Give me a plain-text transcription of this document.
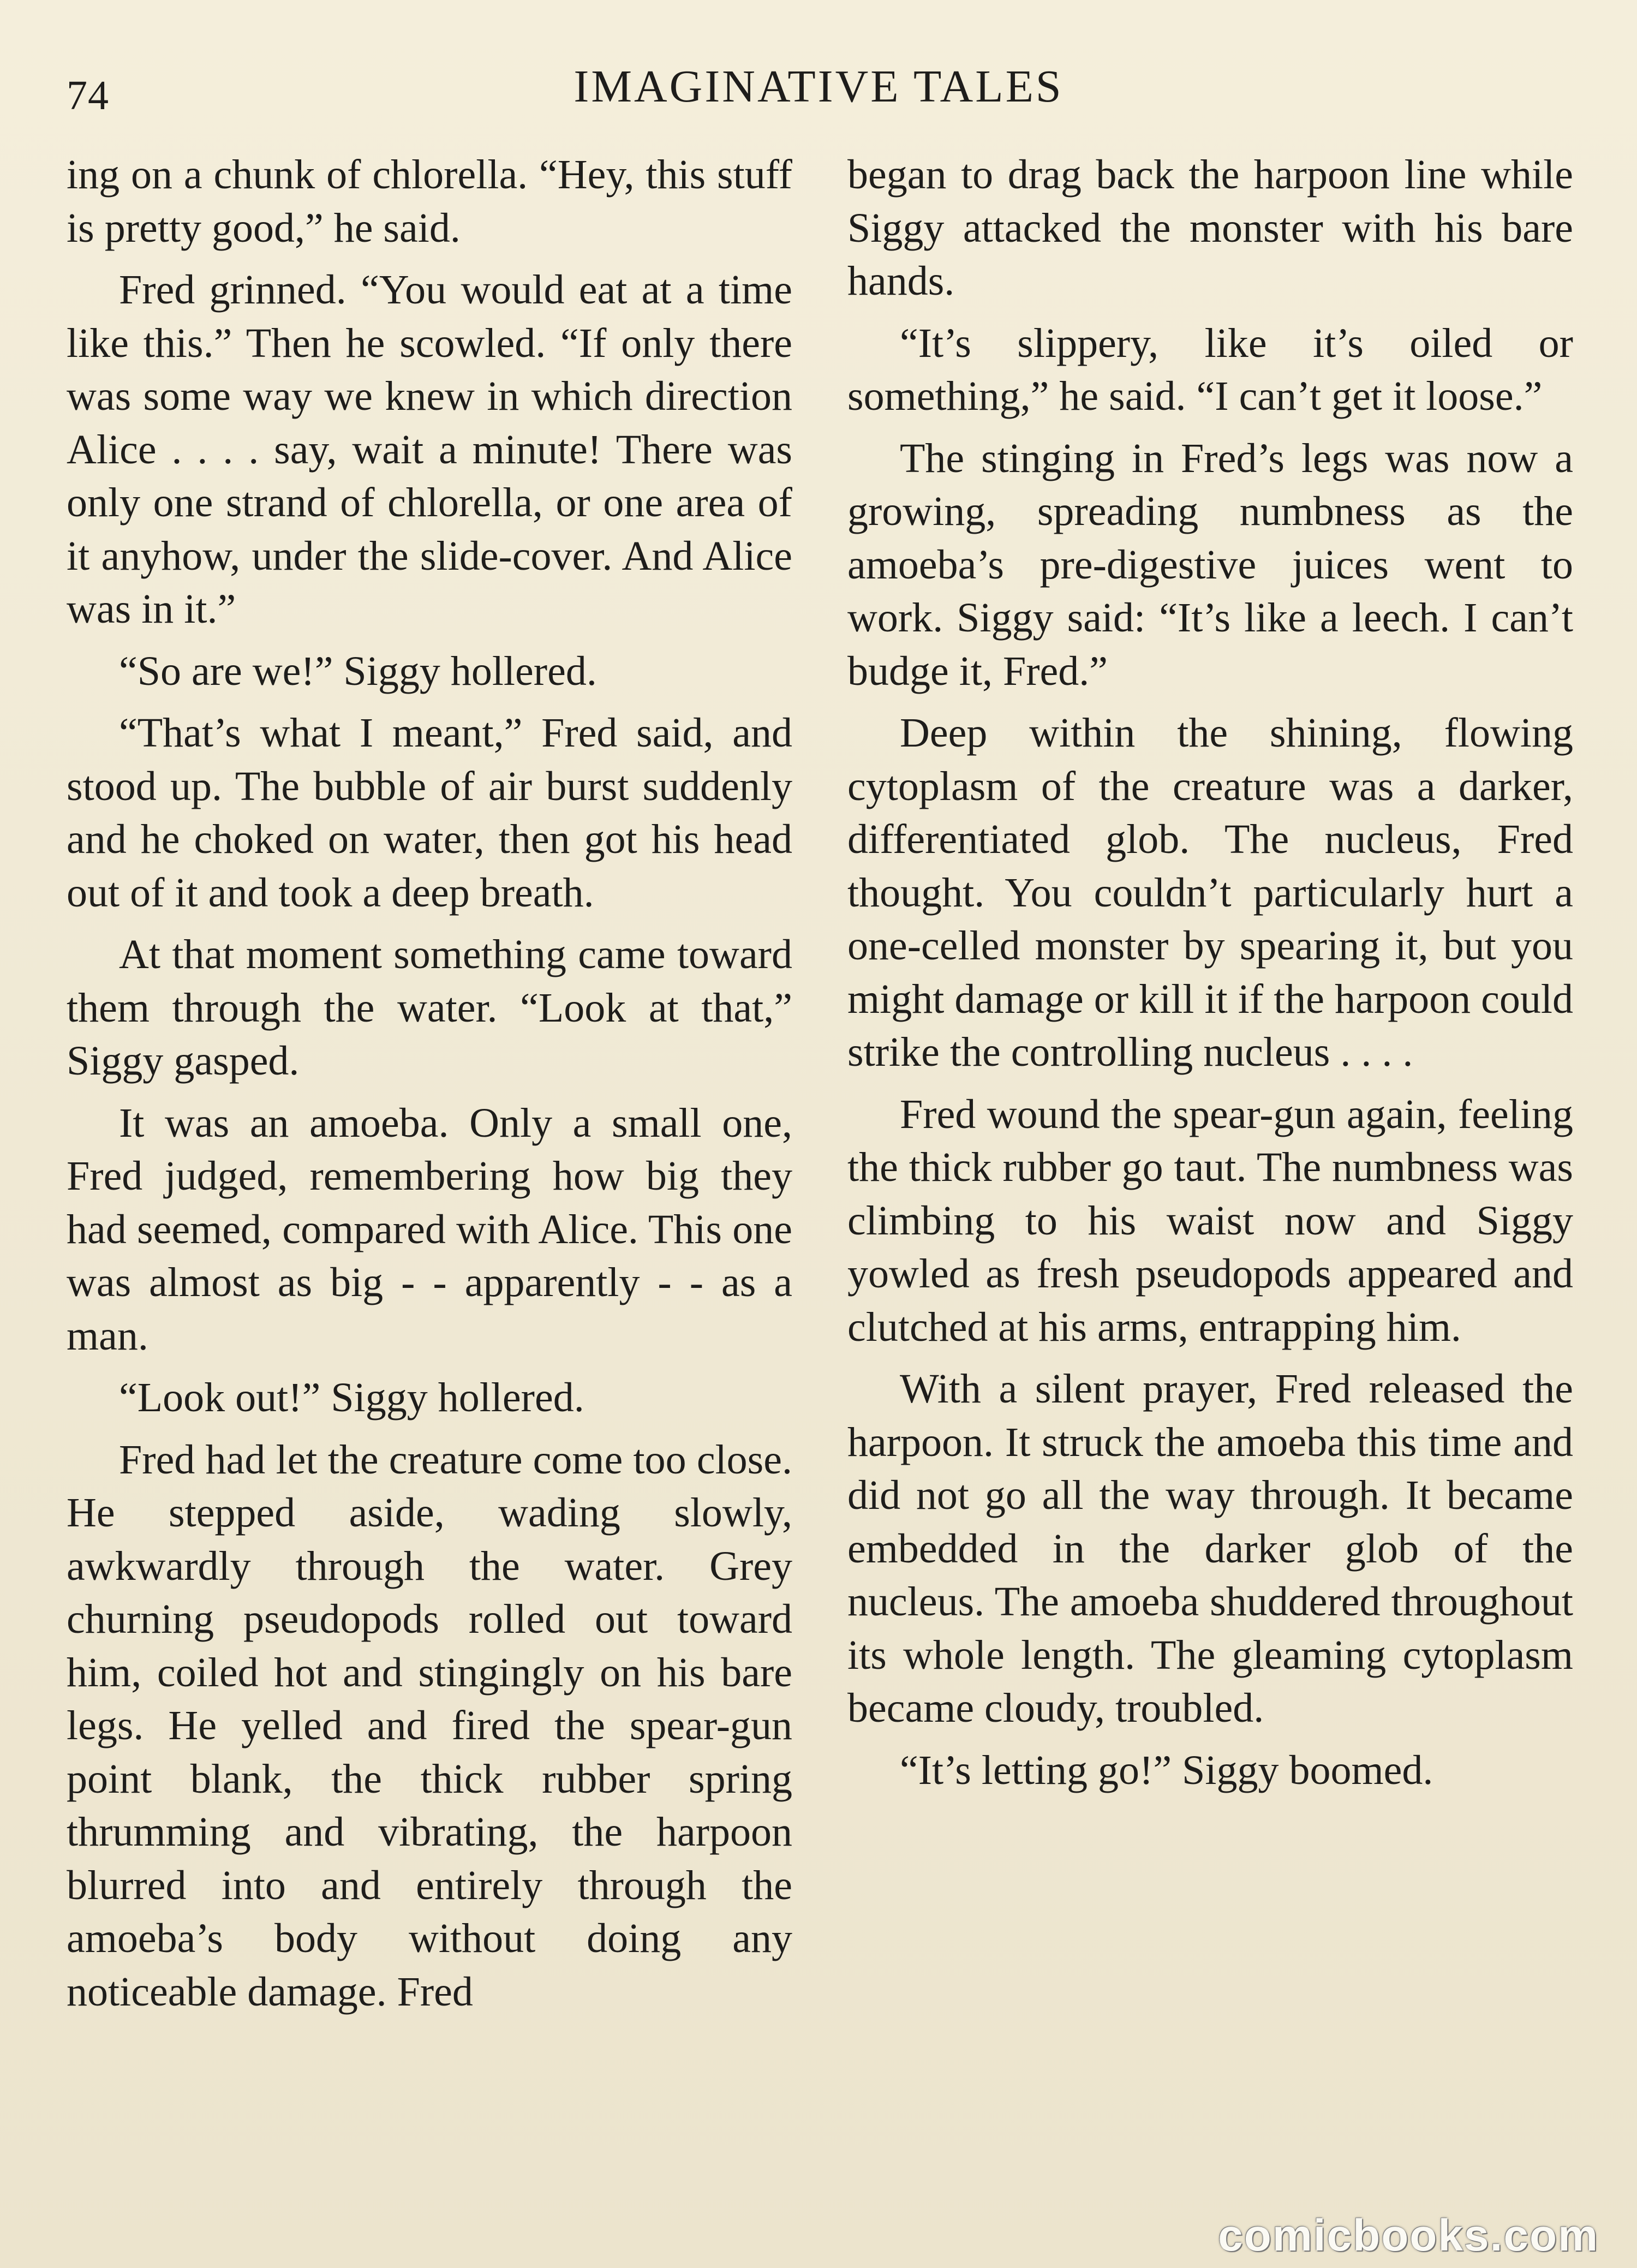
74	IMAGINATIVE TALES

ing on a chunk of chlorella. “Hey, this stuff is pretty good,” he said.

Fred grinned. “You would eat at a time like this.” Then he scowled. “If only there was some way we knew in which direction Alice . . . . say, wait a minute! There was only one strand of chlorella, or one area of it anyhow, under the slide-cover. And Alice was in it.”

“So are we!” Siggy hollered.

“That’s what I meant,” Fred said, and stood up. The bubble of air burst suddenly and he choked on water, then got his head out of it and took a deep breath.

At that moment something came toward them through the water. “Look at that,” Siggy gasped.

It was an amoeba. Only a small one, Fred judged, remembering how big they had seemed, compared with Alice. This one was almost as big - - apparently - - as a man.

“Look out!” Siggy hollered.

Fred had let the creature come too close. He stepped aside, wading slowly, awkwardly through the water. Grey churning pseudopods rolled out toward him, coiled hot and stingingly on his bare legs. He yelled and fired the spear-gun point blank, the thick rubber spring thrumming and vibrating, the harpoon blurred into and entirely through the amoeba’s body without doing any noticeable damage. Fred

began to drag back the harpoon line while Siggy attacked the monster with his bare hands.

“It’s slippery, like it’s oiled or something,” he said. “I can’t get it loose.”

The stinging in Fred’s legs was now a growing, spreading numbness as the amoeba’s pre-digestive juices went to work. Siggy said: “It’s like a leech. I can’t budge it, Fred.”

Deep within the shining, flowing cytoplasm of the creature was a darker, differentiated glob. The nucleus, Fred thought. You couldn’t particularly hurt a one-celled monster by spearing it, but you might damage or kill it if the harpoon could strike the controlling nucleus . . . .

Fred wound the spear-gun again, feeling the thick rubber go taut. The numbness was climbing to his waist now and Siggy yowled as fresh pseudopods appeared and clutched at his arms, entrapping him.

With a silent prayer, Fred released the harpoon. It struck the amoeba this time and did not go all the way through. It became embedded in the darker glob of the nucleus. The amoeba shuddered throughout its whole length. The gleaming cytoplasm became cloudy, troubled.

“It’s letting go!” Siggy boomed.

comicbooks.com
